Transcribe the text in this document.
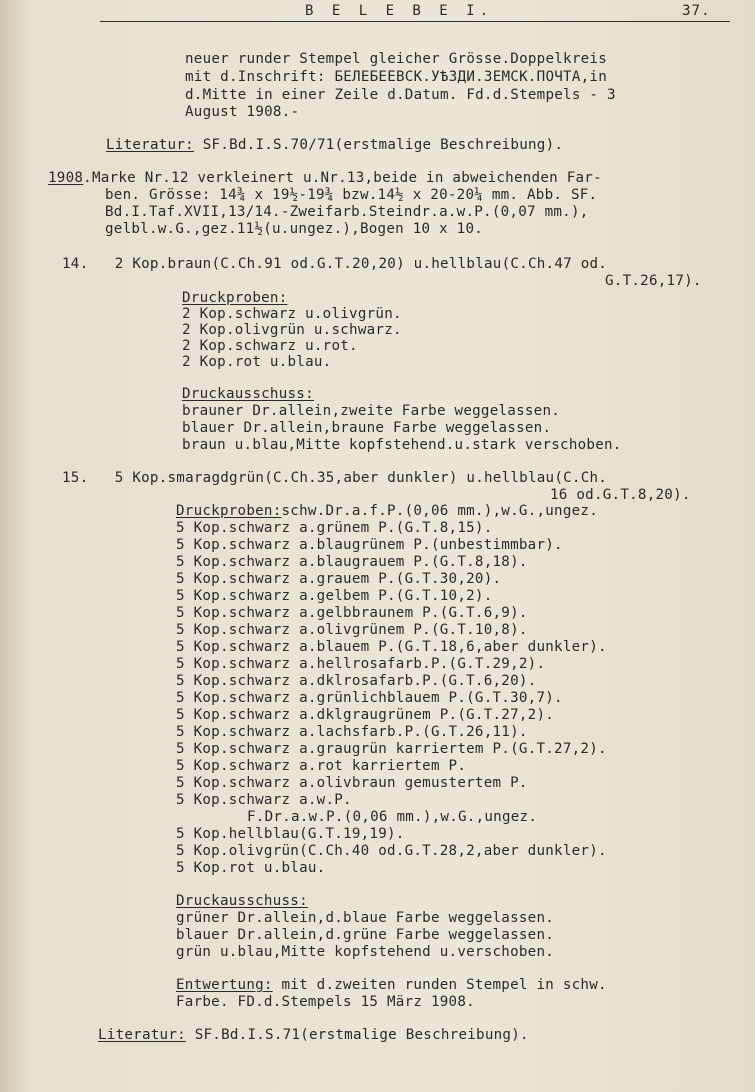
B E L E B E I.	37.
neuer runder Stempel gleicher Grösse.Doppelkreis
mit d.Inschrift: БЕЛЕБЕЕВСК.УѢЗДИ.ЗЕМСК.ПОЧТА,in
d.Mitte in einer Zeile d.Datum. Fd.d.Stempels - 3
August 1908.-
Literatur: SF.Bd.I.S.70/71(erstmalige Beschreibung).
1908.Marke Nr.12 verkleinert u.Nr.13,beide in abweichenden Far-
ben. Grösse: 14¾ x 19½-19¾ bzw.14½ x 20-20¼ mm. Abb. SF.
Bd.I.Taf.XVII,13/14.-Zweifarb.Steindr.a.w.P.(0,07 mm.),
gelbl.w.G.,gez.11½(u.ungez.),Bogen 10 x 10.
14.   2 Kop.braun(C.Ch.91 od.G.T.20,20) u.hellblau(C.Ch.47 od.
G.T.26,17).
Druckproben:
2 Kop.schwarz u.olivgrün.
2 Kop.olivgrün u.schwarz.
2 Kop.schwarz u.rot.
2 Kop.rot u.blau.
Druckausschuss:
brauner Dr.allein,zweite Farbe weggelassen.
blauer Dr.allein,braune Farbe weggelassen.
braun u.blau,Mitte kopfstehend.u.stark verschoben.
15.   5 Kop.smaragdgrün(C.Ch.35,aber dunkler) u.hellblau(C.Ch.
16 od.G.T.8,20).
Druckproben:schw.Dr.a.f.P.(0,06 mm.),w.G.,ungez.
5 Kop.schwarz a.grünem P.(G.T.8,15).
5 Kop.schwarz a.blaugrünem P.(unbestimmbar).
5 Kop.schwarz a.blaugrauem P.(G.T.8,18).
5 Kop.schwarz a.grauem P.(G.T.30,20).
5 Kop.schwarz a.gelbem P.(G.T.10,2).
5 Kop.schwarz a.gelbbraunem P.(G.T.6,9).
5 Kop.schwarz a.olivgrünem P.(G.T.10,8).
5 Kop.schwarz a.blauem P.(G.T.18,6,aber dunkler).
5 Kop.schwarz a.hellrosafarb.P.(G.T.29,2).
5 Kop.schwarz a.dklrosafarb.P.(G.T.6,20).
5 Kop.schwarz a.grünlichblauem P.(G.T.30,7).
5 Kop.schwarz a.dklgraugrünem P.(G.T.27,2).
5 Kop.schwarz a.lachsfarb.P.(G.T.26,11).
5 Kop.schwarz a.graugrün karriertem P.(G.T.27,2).
5 Kop.schwarz a.rot karriertem P.
5 Kop.schwarz a.olivbraun gemustertem P.
5 Kop.schwarz a.w.P.
F.Dr.a.w.P.(0,06 mm.),w.G.,ungez.
5 Kop.hellblau(G.T.19,19).
5 Kop.olivgrün(C.Ch.40 od.G.T.28,2,aber dunkler).
5 Kop.rot u.blau.
Druckausschuss:
grüner Dr.allein,d.blaue Farbe weggelassen.
blauer Dr.allein,d.grüne Farbe weggelassen.
grün u.blau,Mitte kopfstehend u.verschoben.
Entwertung: mit d.zweiten runden Stempel in schw.
Farbe. FD.d.Stempels 15 März 1908.
Literatur: SF.Bd.I.S.71(erstmalige Beschreibung).
